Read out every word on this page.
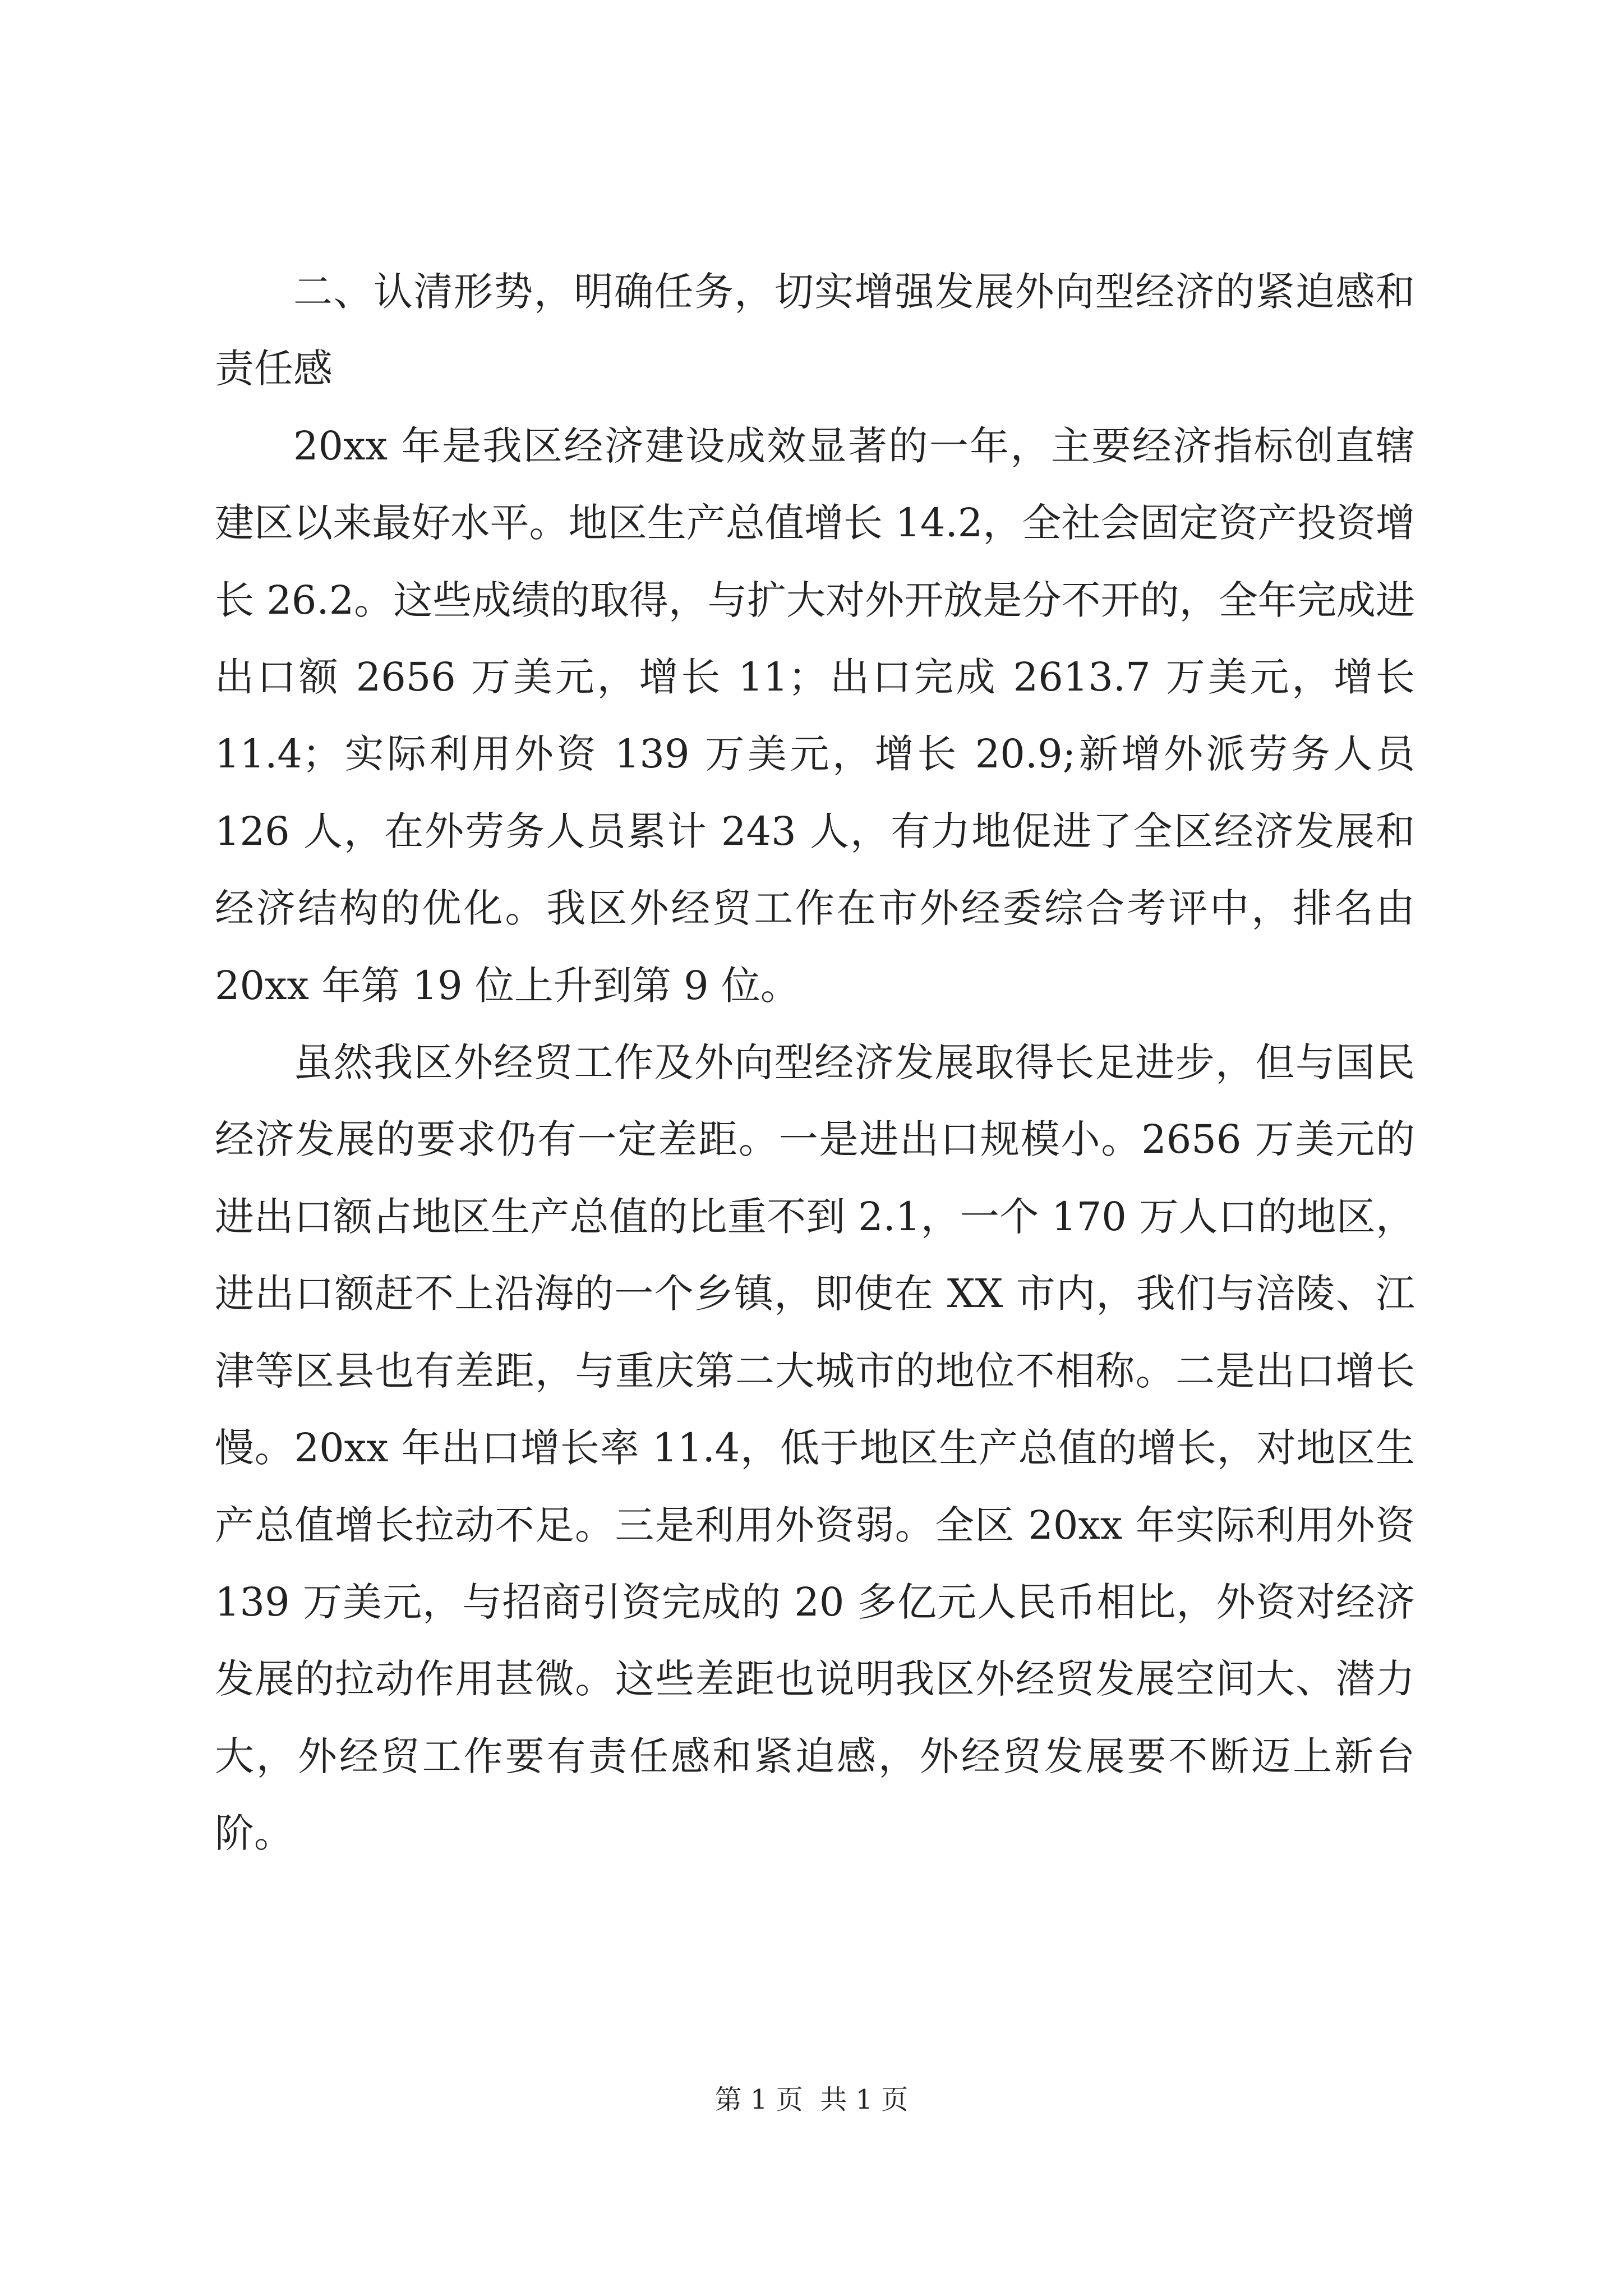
二、认清形势，明确任务，切实增强发展外向型经济的紧迫感和责任感

20xx 年是我区经济建设成效显著的一年，主要经济指标创直辖建区以来最好水平。地区生产总值增长 14.2，全社会固定资产投资增长 26.2。这些成绩的取得，与扩大对外开放是分不开的，全年完成进出口额 2656 万美元，增长 11；出口完成 2613.7 万美元，增长 11.4；实际利用外资 139 万美元，增长 20.9;新增外派劳务人员 126 人，在外劳务人员累计 243 人，有力地促进了全区经济发展和经济结构的优化。我区外经贸工作在市外经委综合考评中，排名由 20xx 年第 19 位上升到第 9 位。

虽然我区外经贸工作及外向型经济发展取得长足进步，但与国民经济发展的要求仍有一定差距。一是进出口规模小。2656 万美元的进出口额占地区生产总值的比重不到 2.1，一个 170 万人口的地区，进出口额赶不上沿海的一个乡镇，即使在 XX 市内，我们与涪陵、江津等区县也有差距，与重庆第二大城市的地位不相称。二是出口增长慢。20xx 年出口增长率 11.4，低于地区生产总值的增长，对地区生产总值增长拉动不足。三是利用外资弱。全区 20xx 年实际利用外资 139 万美元，与招商引资完成的 20 多亿元人民币相比，外资对经济发展的拉动作用甚微。这些差距也说明我区外经贸发展空间大、潜力大，外经贸工作要有责任感和紧迫感，外经贸发展要不断迈上新台阶。

第 1 页  共 1 页
